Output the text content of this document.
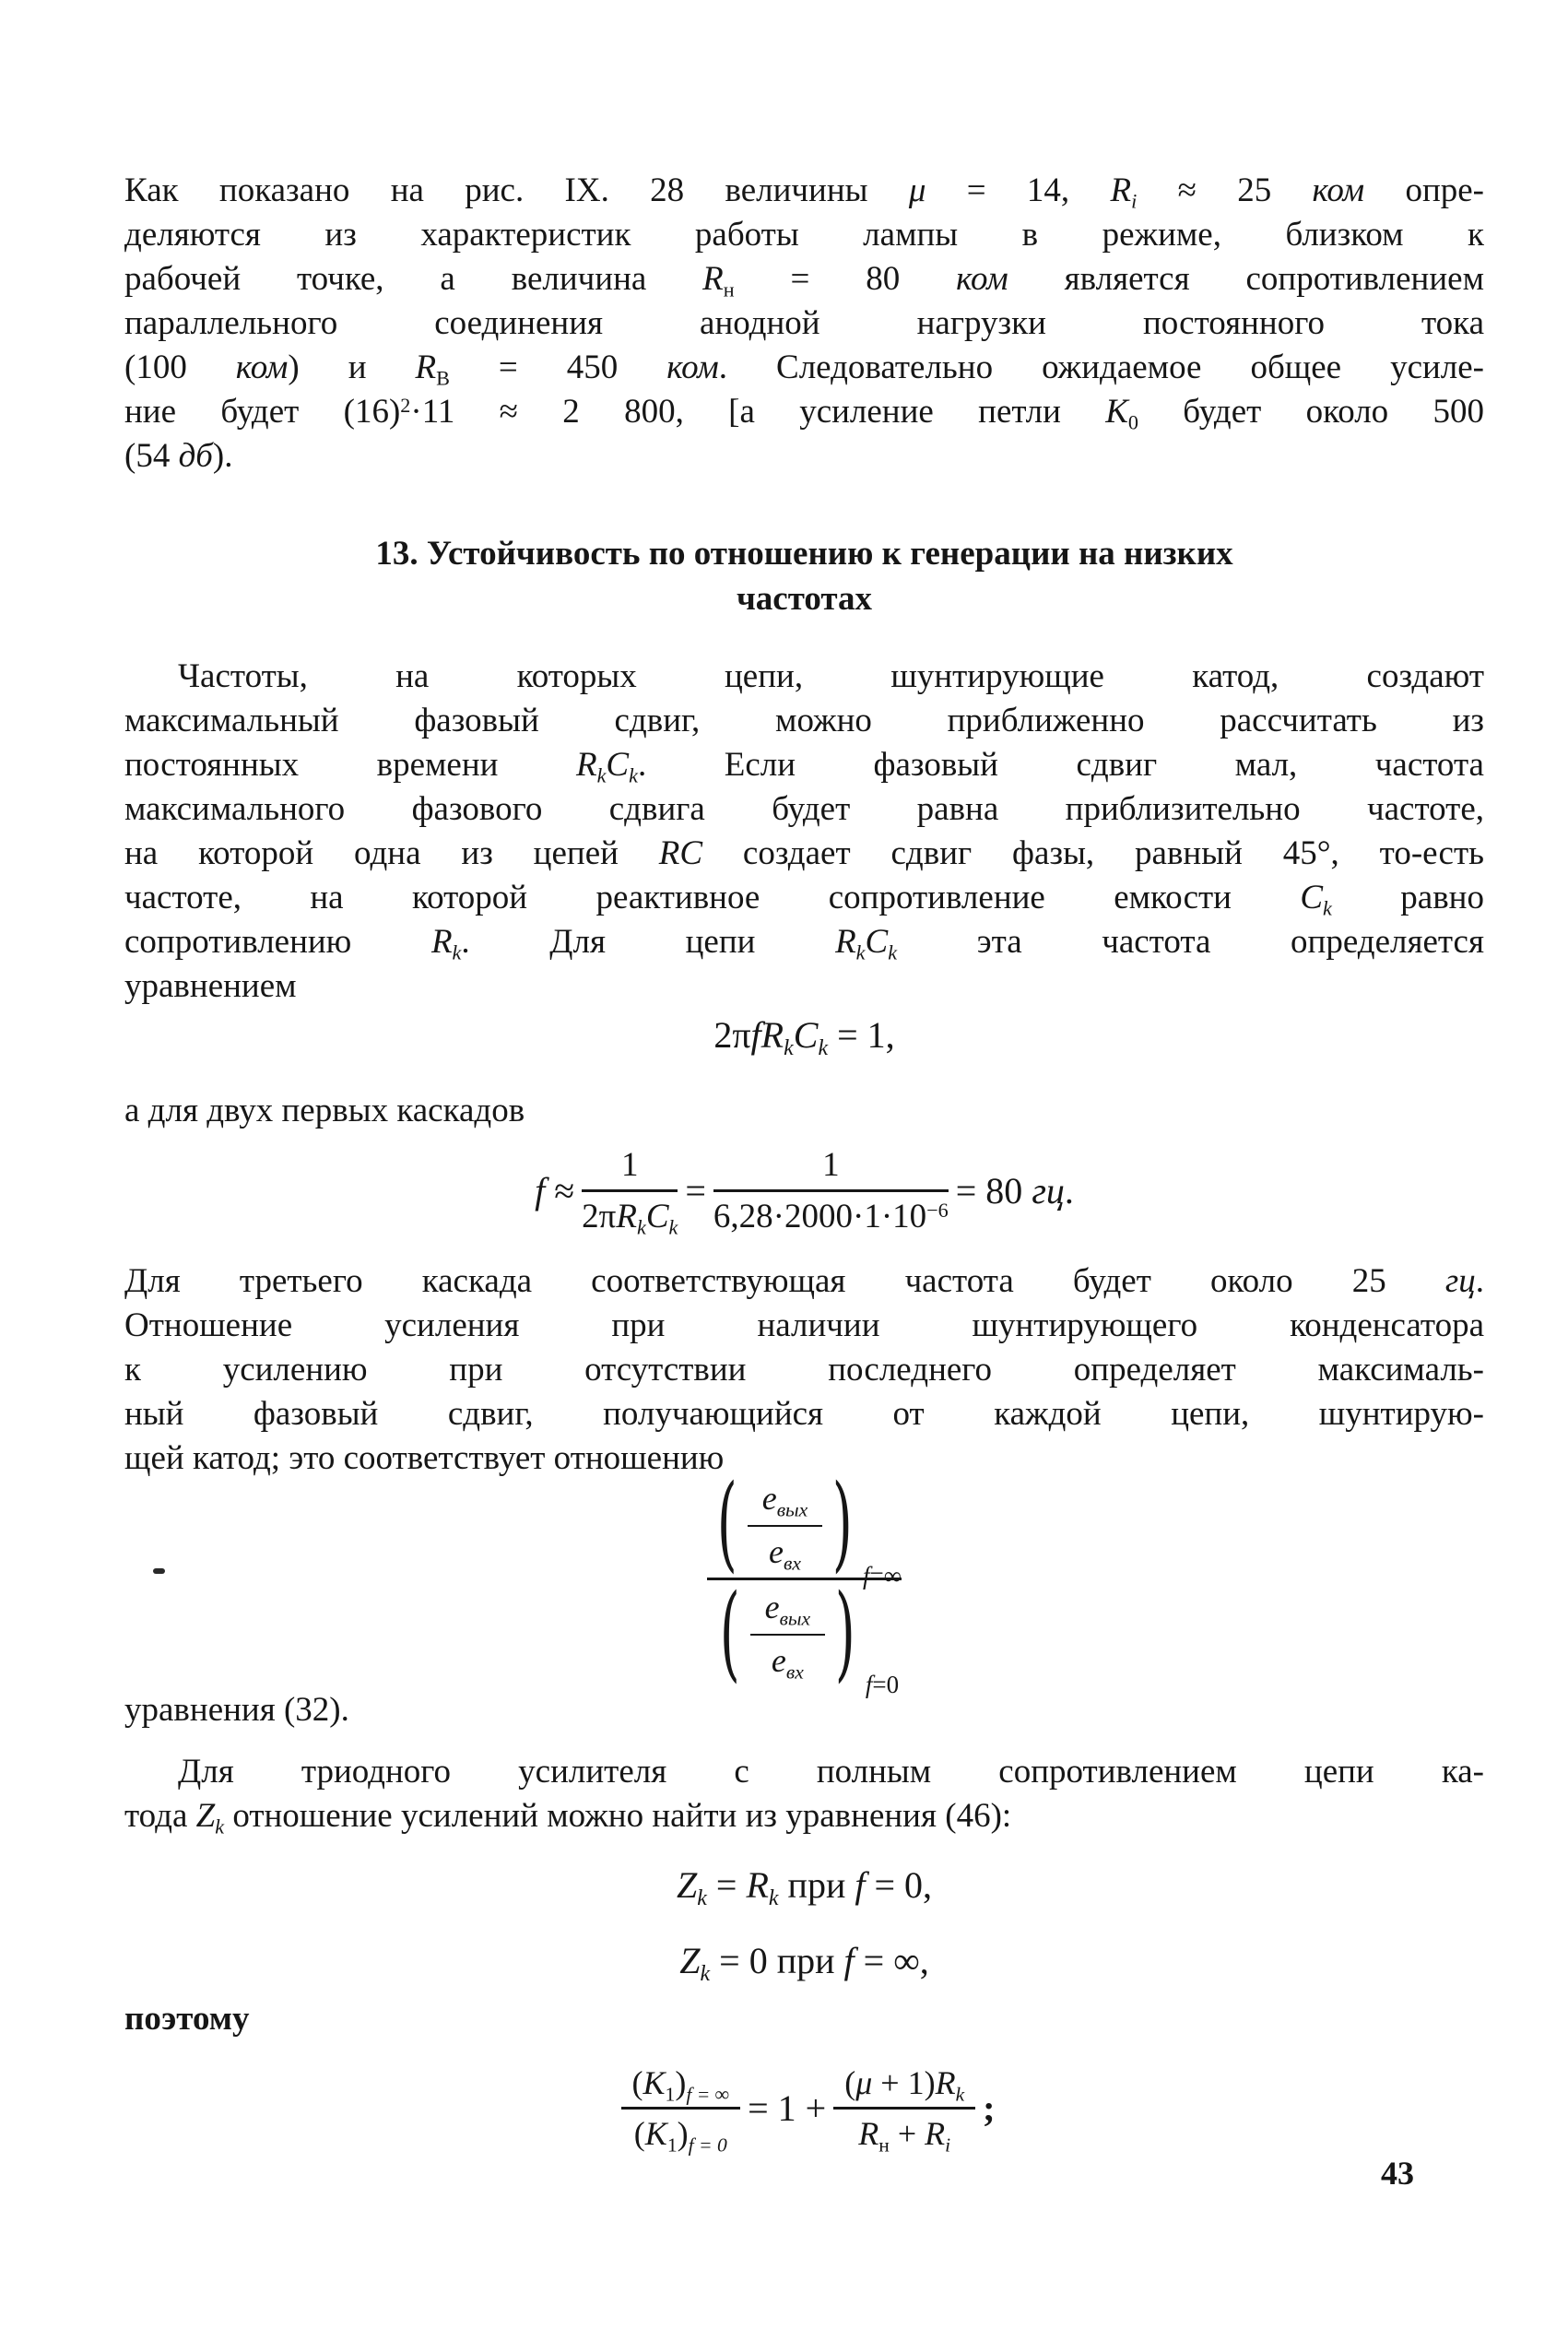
Как показано на рис. IX. 28 величины μ = 14, $R_i \approx 25$ ком опре-
деляются из характеристик работы лампы в режиме, близком к
рабочей точке, а величина $R_н = 80$ ком является сопротивлением
параллельного соединения анодной нагрузки постоянного тока
(100 ком) и $R_В = 450$ ком. Следовательно ожидаемое общее усиле-
ние будет $(16)^2\cdot 11 \approx 2$ 800, [а усиление петли $K_0$ будет около 500
(54 дб).
13. Устойчивость по отношению к генерации на низких
частотах
Частоты, на которых цепи, шунтирующие катод, создают
максимальный фазовый сдвиг, можно приближенно рассчитать из
постоянных времени $R_kC_k$. Если фазовый сдвиг мал, частота
максимального фазового сдвига будет равна приблизительно частоте,
на которой одна из цепей RC создает сдвиг фазы, равный 45°, то-есть
частоте, на которой реактивное сопротивление емкости $C_k$ равно
сопротивлению $R_k$. Для цепи $R_kC_k$ эта частота определяется
уравнением
$2\pi fR_kC_k = 1$,
а для двух первых каскадов
$f \approx \frac{1}{2\pi R_kC_k} = \frac{1}{6,28\cdot 2000\cdot 1\cdot 10^{-6}} = 80$ гц.
Для третьего каскада соответствующая частота будет около 25 гц.
Отношение усиления при наличии шунтирующего конденсатора
к усилению при отсутствии последнего определяет максималь-
ный фазовый сдвиг, получающийся от каждой цепи, шунтирую-
щей катод; это соответствует отношению
( $e_{вых}$
$e_{вх}$ ) f=∞
( $e_{вых}$
$e_{вх}$ ) f=0
уравнения (32).
Для триодного усилителя с полным сопротивлением цепи ка-
тода $Z_k$ отношение усилений можно найти из уравнения (46):
$Z_k = R_k$ при f = 0,
$Z_k = 0$ при f = ∞,
поэтому
$\frac{(K_1)_{f = \infty}}{(K_1)_{f = 0}} = 1 + \frac{(\mu + 1)R_k}{R_н + R_i}$ ;
43
